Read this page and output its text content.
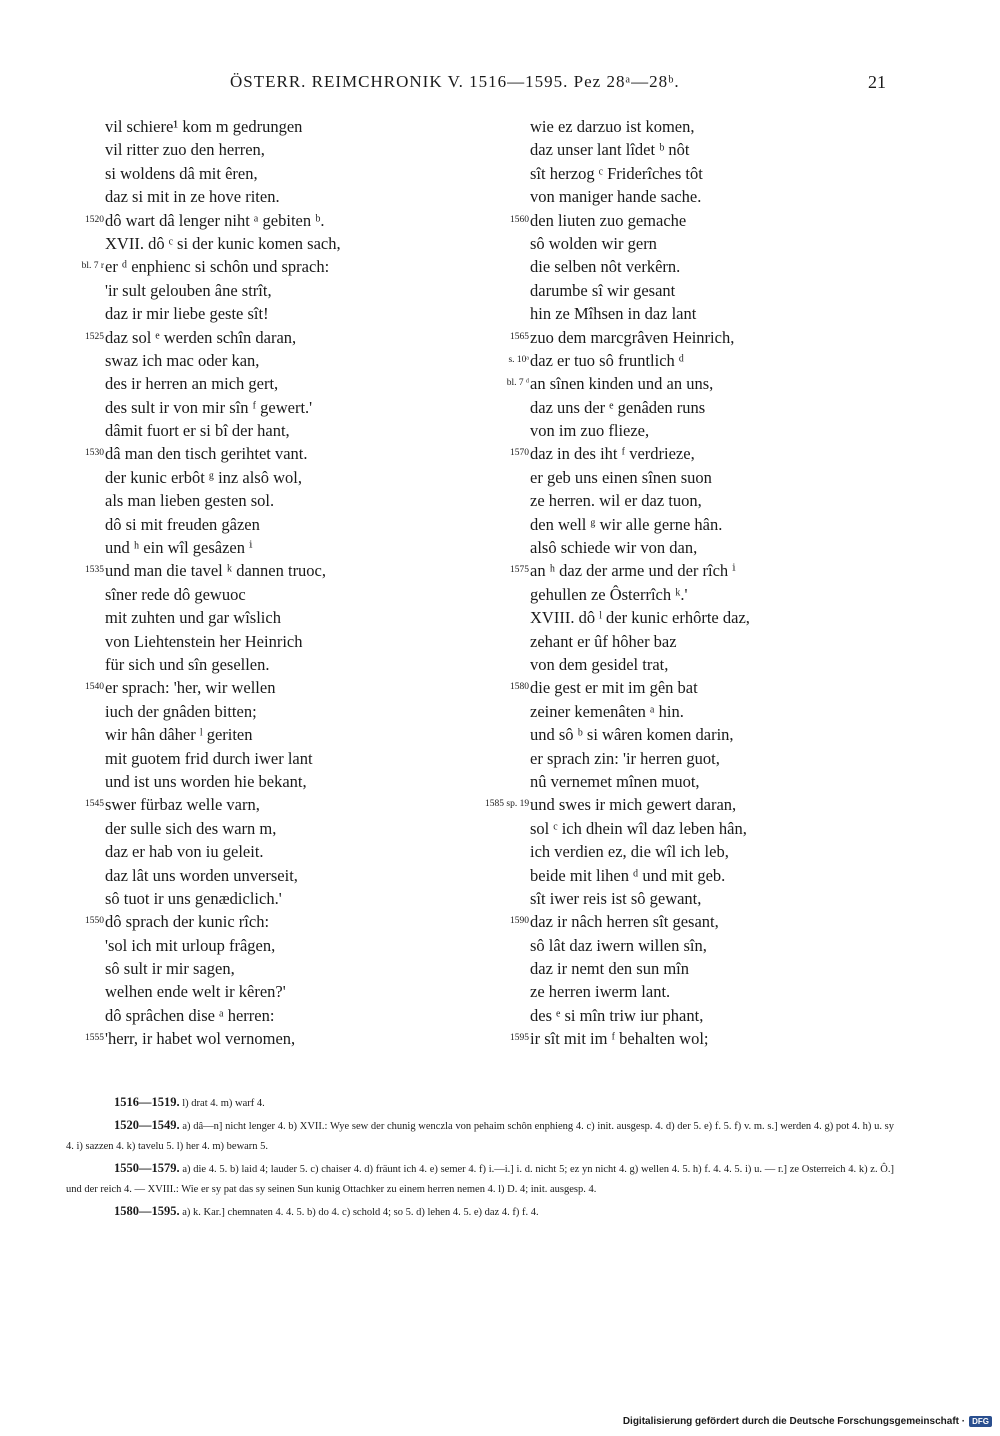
ÖSTERR. REIMCHRONIK V. 1516—1595. Pez 28ᵃ—28ᵇ.	21
vil schiere¹ kom m gedrungen
vil ritter zuo den herren,
si woldens dâ mit êren,
daz si mit in ze hove riten.
1520 dô wart dâ lenger niht ᵃ gebiten ᵇ.
XVII. dô ᶜ si der kunic komen sach,
bl. 7 r er ᵈ enphienc si schôn und sprach:
'ir sult gelouben âne strît,
daz ir mir liebe geste sît!
1525 daz sol ᵉ werden schîn daran,
swaz ich mac oder kan,
des ir herren an mich gert,
des sult ir von mir sîn ᶠ gewert.'
dâmit fuort er si bî der hant,
1530 dâ man den tisch gerihtet vant.
der kunic erbôt ᵍ inz alsô wol,
als man lieben gesten sol.
dô si mit freuden gâzen
und ʰ ein wîl gesâzen ⁱ
1535 und man die tavel ᵏ dannen truoc,
sîner rede dô gewuoc
mit zuhten und gar wîslich
von Liehtenstein her Heinrich
für sich und sîn gesellen.
1540 er sprach: 'her, wir wellen
iuch der gnâden bitten;
wir hân dâher ˡ geriten
mit guotem frid durch iwer lant
und ist uns worden hie bekant,
1545 swer fürbaz welle varn,
der sulle sich des warn m,
daz er hab von iu geleit.
daz lât uns worden unverseit,
sô tuot ir uns genædiclich.'
1550 dô sprach der kunic rîch:
'sol ich mit urloup frâgen,
sô sult ir mir sagen,
welhen ende welt ir kêren?'
dô sprâchen dise ᵃ herren:
1555 'herr, ir habet wol vernomen,
wie ez darzuo ist komen,
daz unser lant lîdet ᵇ nôt
sît herzog ᶜ Friderîches tôt
von maniger hande sache.
1560 den liuten zuo gemache
sô wolden wir gern
die selben nôt verkêrn.
darumbe sî wir gesant
hin ze Mîhsen in daz lant
1565 zuo dem marcgrâven Heinrich,
s. 10ᵃ daz er tuo sô fruntlich ᵈ
bl. 7 ᵈ an sînen kinden und an uns,
daz uns der ᵉ genâden runs
von im zuo flieze,
1570 daz in des iht ᶠ verdrieze,
er geb uns einen sînen suon
ze herren. wil er daz tuon,
den well ᵍ wir alle gerne hân.
alsô schiede wir von dan,
1575 an ʰ daz der arme und der rîch ⁱ
gehullen ze Ôsterrîch ᵏ.'
XVIII. dô ˡ der kunic erhôrte daz,
zehant er ûf hôher baz
von dem gesidel trat,
1580 die gest er mit im gên bat
zeiner kemenâten ᵃ hin.
und sô ᵇ si wâren komen darin,
er sprach zin: 'ir herren guot,
nû vernemet mînen muot,
1585 sp. 19 und swes ir mich gewert daran,
sol ᶜ ich dhein wîl daz leben hân,
ich verdien ez, die wîl ich leb,
beide mit lihen ᵈ und mit geb.
sît iwer reis ist sô gewant,
1590 daz ir nâch herren sît gesant,
sô lât daz iwern willen sîn,
daz ir nemt den sun mîn
ze herren iwerm lant.
des ᵉ si mîn triw iur phant,
1595 ir sît mit im ᶠ behalten wol;

1516—1519. l) drat 4. m) warf 4.

1520—1549. a) dâ—n] nicht lenger 4. b) XVII.: Wye sew der chunig wenczla von pehaim schôn enphieng 4. c) init. ausgesp. 4. d) der 5. e) f. 5. f) v. m. s.] werden 4. g) pot 4. h) u. sy 4. i) sazzen 4. k) tavelu 5. l) her 4. m) bewarn 5.

1550—1579. a) die 4. 5. b) laid 4; lauder 5. c) chaiser 4. d) fräunt ich 4. e) semer 4. f) i.—i.] i. d. nicht 5; ez yn nicht 4. g) wellen 4. 5. h) f. 4. 4. 5. i) u. — r.] ze Osterreich 4. k) z. Ô.] und der reich 4. — XVIII.: Wie er sy pat das sy seinen Sun kunig Ottachker zu einem herren nemen 4. l) D. 4; init. ausgesp. 4.

1580—1595. a) k. Kar.] chemnaten 4. 4. 5. b) do 4. c) schold 4; so 5. d) lehen 4. 5. e) daz 4. f) f. 4.

Digitalisierung gefördert durch die Deutsche Forschungsgemeinschaft · DFG
